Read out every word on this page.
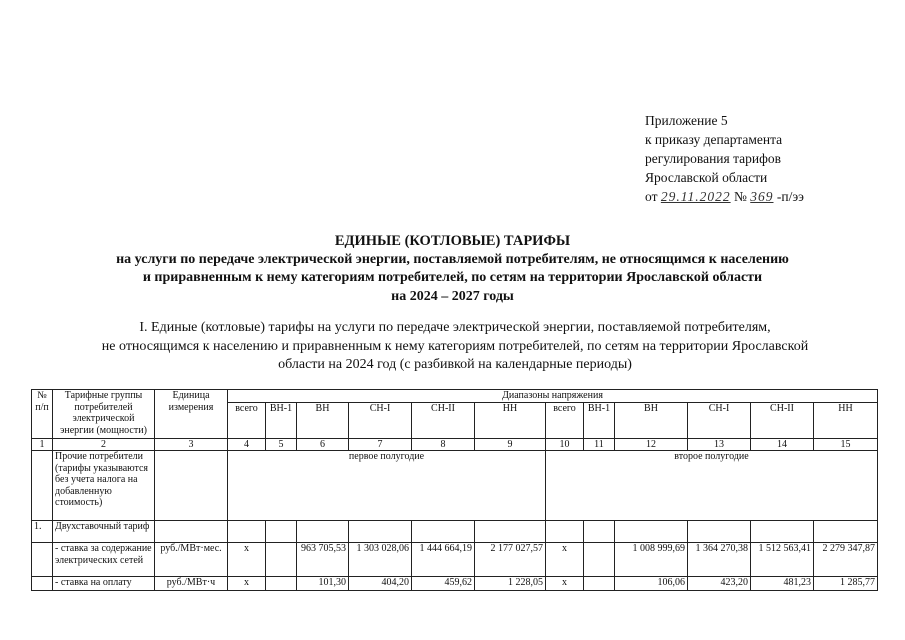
Приложение 5
к приказу департамента
регулирования тарифов
Ярославской области
от 29.11.2022 № 369 -п/ээ
ЕДИНЫЕ (КОТЛОВЫЕ) ТАРИФЫ
на услуги по передаче электрической энергии, поставляемой потребителям, не относящимся к населению
и приравненным к нему категориям потребителей, по сетям на территории Ярославской области
на 2024 – 2027 годы
I. Единые (котловые) тарифы на услуги по передаче электрической энергии, поставляемой потребителям,
не относящимся к населению и приравненным к нему категориям потребителей, по сетям на территории Ярославской
области на 2024 год (с разбивкой на календарные периоды)
№ п/п	Тарифные группы потребителей электрической энергии (мощности)	Единица измерения	Диапазоны напряжения											
			всего	ВН-1	ВН	СН-I	СН-II	НН	всего	ВН-1	ВН	СН-I	СН-II	НН
1	2	3	4	5	6	7	8	9	10	11	12	13	14	15
	Прочие потребители (тарифы указываются без учета налога на добавленную стоимость)		первое полугодие						второе полугодие					
1.	Двухставочный тариф													
	- ставка за содержание электрических сетей	руб./МВт·мес.	x		963 705,53	1 303 028,06	1 444 664,19	2 177 027,57	x		1 008 999,69	1 364 270,38	1 512 563,41	2 279 347,87
	- ставка на оплату	руб./МВт·ч	x		101,30	404,20	459,62	1 228,05	x		106,06	423,20	481,23	1 285,77
